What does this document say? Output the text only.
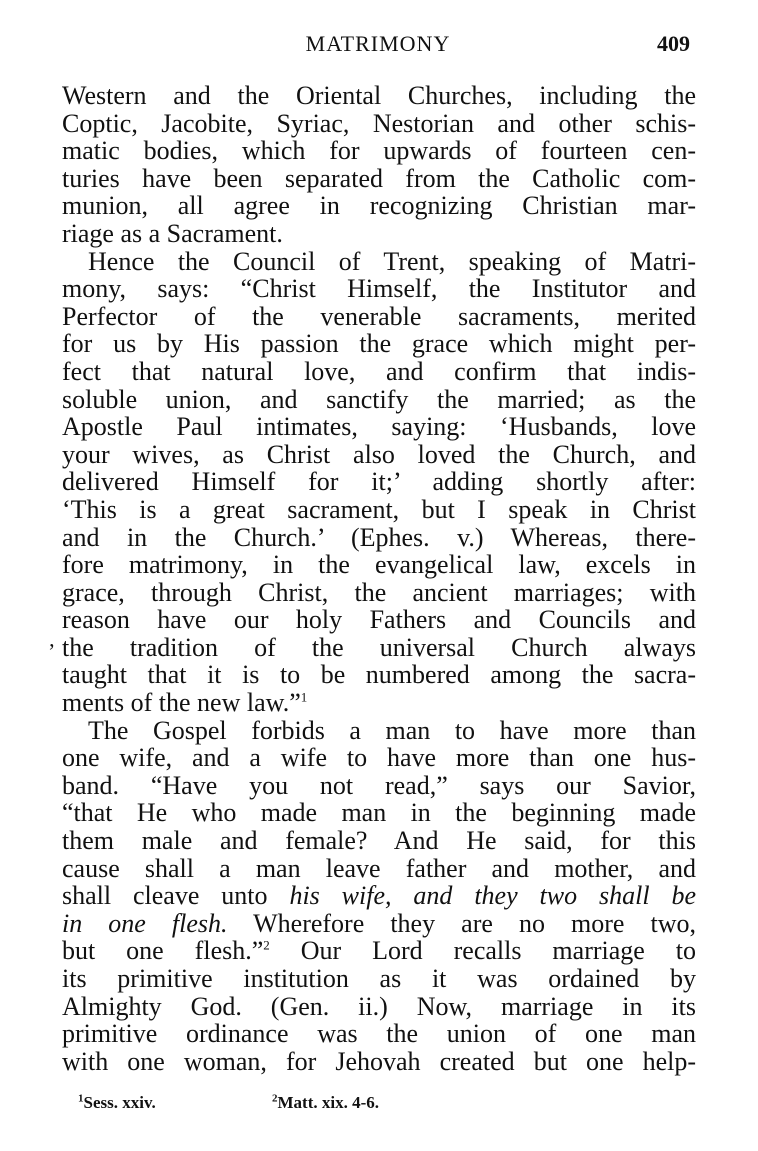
MATRIMONY	409
ʼ
Western and the Oriental Churches, including the
Coptic, Jacobite, Syriac, Nestorian and other schis-
matic bodies, which for upwards of fourteen cen-
turies have been separated from the Catholic com-
munion, all agree in recognizing Christian mar-
riage as a Sacrament.
Hence the Council of Trent, speaking of Matri-
mony, says: “Christ Himself, the Institutor and
Perfector of the venerable sacraments, merited
for us by His passion the grace which might per-
fect that natural love, and confirm that indis-
soluble union, and sanctify the married; as the
Apostle Paul intimates, saying: ‘Husbands, love
your wives, as Christ also loved the Church, and
delivered Himself for it;’ adding shortly after:
‘This is a great sacrament, but I speak in Christ
and in the Church.’ (Ephes. v.) Whereas, there-
fore matrimony, in the evangelical law, excels in
grace, through Christ, the ancient marriages; with
reason have our holy Fathers and Councils and
the tradition of the universal Church always
taught that it is to be numbered among the sacra-
ments of the new law.”$^1$
The Gospel forbids a man to have more than
one wife, and a wife to have more than one hus-
band. “Have you not read,” says our Savior,
“that He who made man in the beginning made
them male and female? And He said, for this
cause shall a man leave father and mother, and
shall cleave unto his wife, and they two shall be
in one flesh. Wherefore they are no more two,
but one flesh.”$^2$ Our Lord recalls marriage to
its primitive institution as it was ordained by
Almighty God. (Gen. ii.) Now, marriage in its
primitive ordinance was the union of one man
with one woman, for Jehovah created but one help-
$^1$Sess. xxiv.	$^2$Matt. xix. 4-6.
